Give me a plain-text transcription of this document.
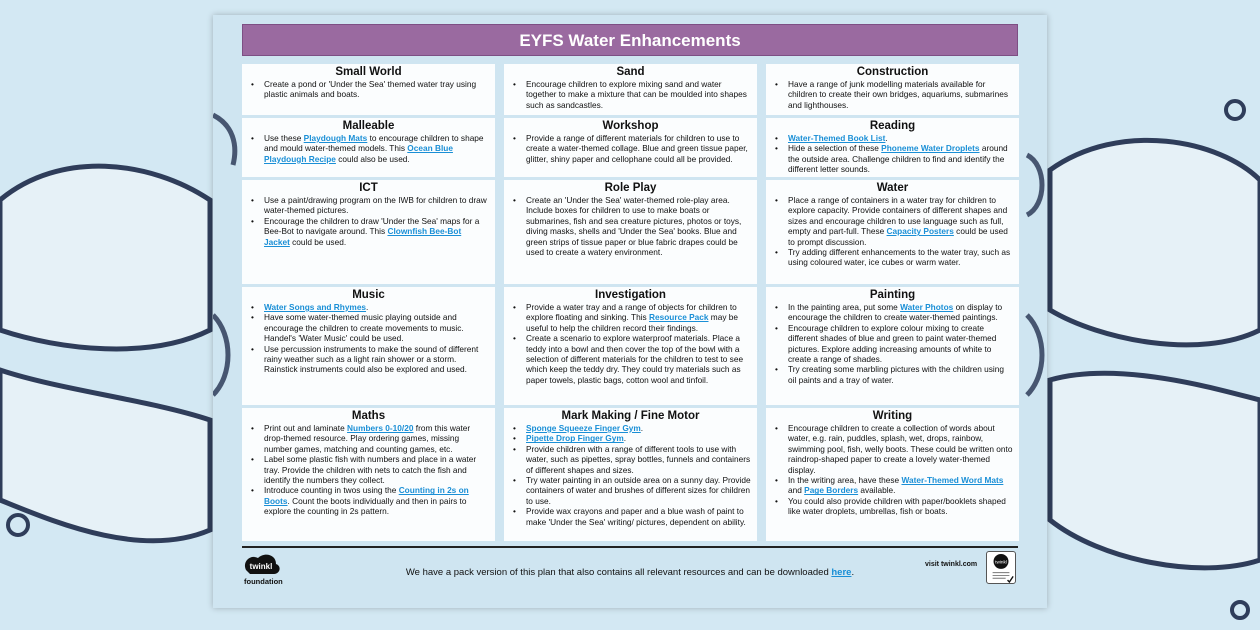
EYFS Water Enhancements
Small World
• Create a pond or 'Under the Sea' themed water tray using plastic animals and boats.
Malleable
• Use these Playdough Mats to encourage children to shape and mould water-themed models. This Ocean Blue Playdough Recipe could also be used.
ICT
• Use a paint/drawing program on the IWB for children to draw water-themed pictures.
• Encourage the children to draw 'Under the Sea' maps for a Bee-Bot to navigate around. This Clownfish Bee-Bot Jacket could be used.
Music
• Water Songs and Rhymes.
• Have some water-themed music playing outside and encourage the children to create movements to music. Handel's 'Water Music' could be used.
• Use percussion instruments to make the sound of different rainy weather such as a light rain shower or a storm. Rainstick instruments could also be explored and used.
Maths
• Print out and laminate Numbers 0-10/20 from this water drop-themed resource. Play ordering games, missing number games, matching and counting games, etc.
• Label some plastic fish with numbers and place in a water tray. Provide the children with nets to catch the fish and identify the numbers they collect.
• Introduce counting in twos using the Counting in 2s on Boots. Count the boots individually and then in pairs to explore the counting in 2s pattern.
Sand
• Encourage children to explore mixing sand and water together to make a mixture that can be moulded into shapes such as sandcastles.
Workshop
• Provide a range of different materials for children to use to create a water-themed collage. Blue and green tissue paper, glitter, shiny paper and cellophane could all be provided.
Role Play
• Create an 'Under the Sea' water-themed role-play area. Include boxes for children to use to make boats or submarines, fish and sea creature pictures, photos or toys, diving masks, shells and 'Under the Sea' books. Blue and green strips of tissue paper or blue fabric drapes could be used to create a watery environment.
Investigation
• Provide a water tray and a range of objects for children to explore floating and sinking. This Resource Pack may be useful to help the children record their findings.
• Create a scenario to explore waterproof materials. Place a teddy into a bowl and then cover the top of the bowl with a selection of different materials for the children to test to see which keep the teddy dry. They could try materials such as paper towels, plastic bags, cotton wool and tinfoil.
Mark Making / Fine Motor
• Sponge Squeeze Finger Gym.
• Pipette Drop Finger Gym.
• Provide children with a range of different tools to use with water, such as pipettes, spray bottles, funnels and containers of different shapes and sizes.
• Try water painting in an outside area on a sunny day. Provide containers of water and brushes of different sizes for children to use.
• Provide wax crayons and paper and a blue wash of paint to make 'Under the Sea' writing/ pictures, dependent on ability.
Construction
• Have a range of junk modelling materials available for children to create their own bridges, aquariums, submarines and lighthouses.
Reading
• Water-Themed Book List.
• Hide a selection of these Phoneme Water Droplets around the outside area. Challenge children to find and identify the different letter sounds.
Water
• Place a range of containers in a water tray for children to explore capacity. Provide containers of different shapes and sizes and encourage children to use language such as full, empty and part-full. These Capacity Posters could be used to prompt discussion.
• Try adding different enhancements to the water tray, such as using coloured water, ice cubes or warm water.
Painting
• In the painting area, put some Water Photos on display to encourage the children to create water-themed paintings.
• Encourage children to explore colour mixing to create different shades of blue and green to paint water-themed pictures. Explore adding increasing amounts of white to create a range of shades.
• Try creating some marbling pictures with the children using oil paints and a tray of water.
Writing
• Encourage children to create a collection of words about water, e.g. rain, puddles, splash, wet, drops, rainbow, swimming pool, fish, welly boots. These could be written onto raindrop-shaped paper to create a lovely water-themed display.
• In the writing area, have these Water-Themed Word Mats and Page Borders available.
• You could also provide children with paper/booklets shaped like water droplets, umbrellas, fish or boats.
twinkl
foundation
We have a pack version of this plan that also contains all relevant resources and can be downloaded here.
visit twinkl.com	twinkl
